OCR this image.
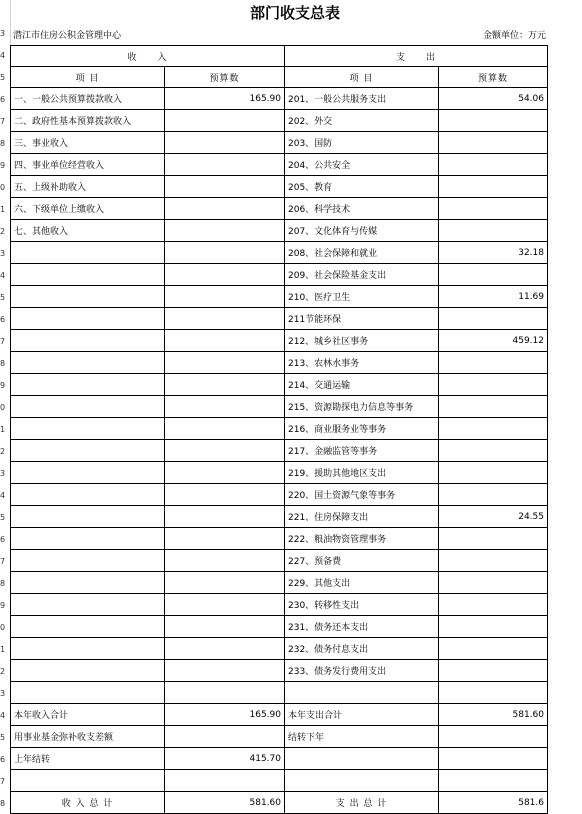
3
4
5
6
7
8
9
0
1
2
3
4
5
6
7
8
9
0
1
2
3
4
5
6
7
8
9
0
1
2
3
4
5
6
7
8
部门收支总表
潜江市住房公积金管理中心	金额单位：万元
收　　入		支　　出	
项 目	预算数	项 目	预算数
一、一般公共预算拨款收入	165.90	201、一般公共服务支出	54.06
二、政府性基本预算拨款收入		202、外交	
三、事业收入		203、国防	
四、事业单位经营收入		204、公共安全	
五、上级补助收入		205、教育	
六、下级单位上缴收入		206、科学技术	
七、其他收入		207、文化体育与传媒	
		208、社会保障和就业	32.18
		209、社会保险基金支出	
		210、医疗卫生	11.69
		211节能环保	
		212、城乡社区事务	459.12
		213、农林水事务	
		214、交通运输	
		215、资源勘探电力信息等事务	
		216、商业服务业等事务	
		217、金融监管等事务	
		219、援助其他地区支出	
		220、国土资源气象等事务	
		221、住房保障支出	24.55
		222、粮油物资管理事务	
		227、预备费	
		229、其他支出	
		230、转移性支出	
		231、债务还本支出	
		232、债务付息支出	
		233、债务发行费用支出	

本年收入合计	165.90	本年支出合计	581.60
用事业基金弥补收支差额		结转下年	
上年结转	415.70		

收 入 总 计	581.60	支 出 总 计	581.6
